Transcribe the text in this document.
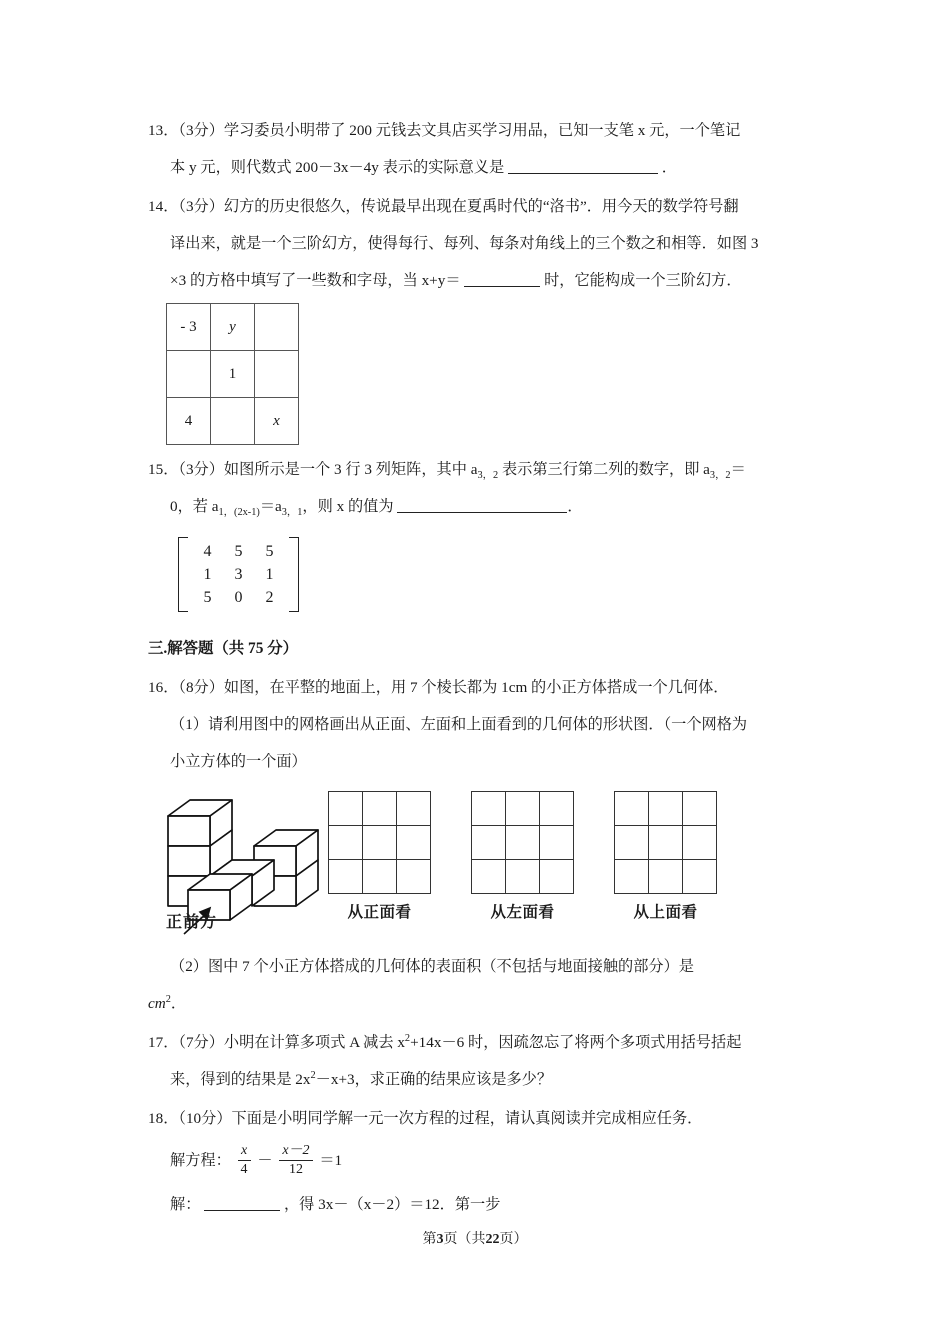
13．（3分）学习委员小明带了 200 元钱去文具店买学习用品，已知一支笔 x 元，一个笔记
本 y 元，则代数式 200－3x－4y 表示的实际意义是	．
14．（3分）幻方的历史很悠久，传说最早出现在夏禹时代的“洛书”．用今天的数学符号翻
译出来，就是一个三阶幻方，使得每行、每列、每条对角线上的三个数之和相等．如图 3
×3 的方格中填写了一些数和字母，当 x+y＝	时，它能构成一个三阶幻方．
- 3	y	
	1	
4		x
15．（3分）如图所示是一个 3 行 3 列矩阵，其中 $a_{3,2}$ 表示第三行第二列的数字，即 $a_{3,2}=$
0，若 $a_{1,(2x-1)}=a_{3,1}$，则 x 的值为	．
4	5	5
1	3	1
5	0	2
三.解答题（共 75 分）
16．（8分）如图，在平整的地面上，用 7 个棱长都为 1cm 的小正方体搭成一个几何体．
（1）请利用图中的网格画出从正面、左面和上面看到的几何体的形状图．（一个网格为
小立方体的一个面）
正前方

从正面看

			从左面看

			从上面看
（2）图中 7 个小正方体搭成的几何体的表面积（不包括与地面接触的部分）是
$cm^2$．
17．（7分）小明在计算多项式 A 减去 $x^2+14x-6$ 时，因疏忽忘了将两个多项式用括号括起
来，得到的结果是 $2x^2-x+3$，求正确的结果应该是多少？
18．（10分）下面是小明同学解一元一次方程的过程，请认真阅读并完成相应任务．
解方程： $\frac{x}{4} - \frac{x-2}{12} =1$
解：	，得 3x－（x－2）＝12．第一步
第3页（共22页）
